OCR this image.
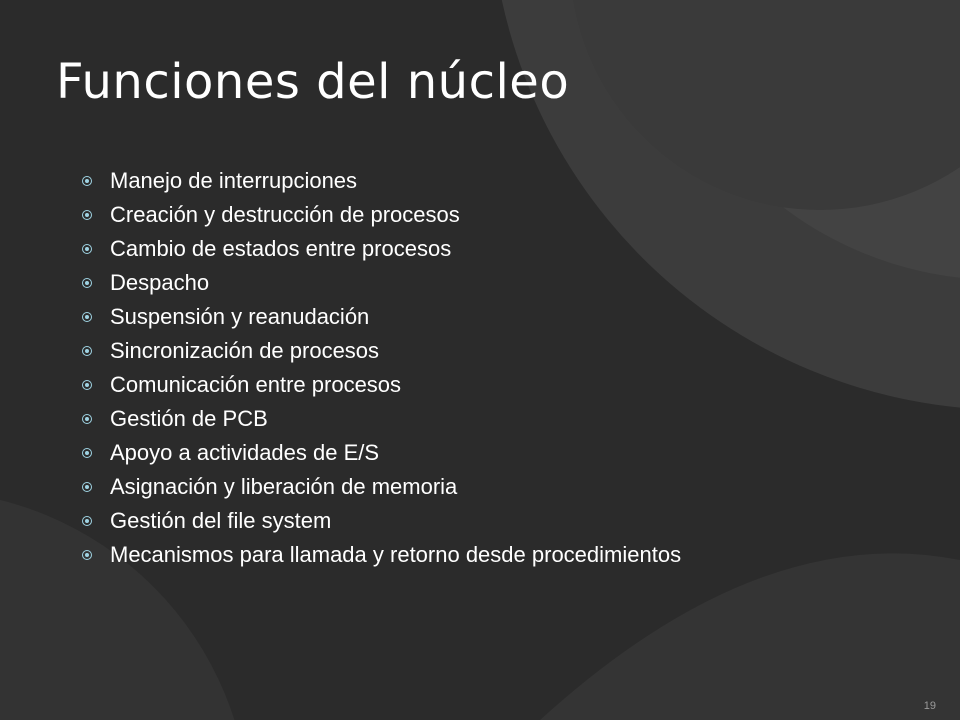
Funciones del núcleo
Manejo de interrupciones
Creación y destrucción de procesos
Cambio de estados entre procesos
Despacho
Suspensión y reanudación
Sincronización de procesos
Comunicación entre procesos
Gestión de PCB
Apoyo a actividades de E/S
Asignación y liberación de memoria
Gestión del file system
Mecanismos para llamada y retorno desde procedimientos
19
